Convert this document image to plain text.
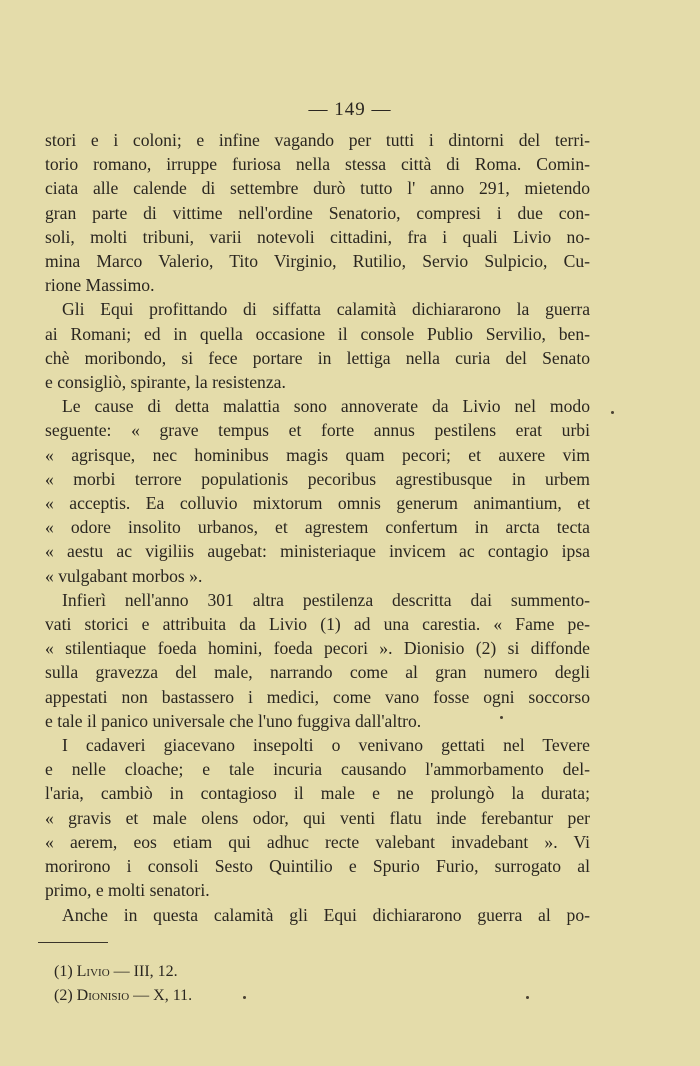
— 149 —
stori e i coloni; e infine vagando per tutti i dintorni del terri-
torio romano, irruppe furiosa nella stessa città di Roma. Comin-
ciata alle calende di settembre durò tutto l' anno 291, mietendo
gran parte di vittime nell'ordine Senatorio, compresi i due con-
soli, molti tribuni, varii notevoli cittadini, fra i quali Livio no-
mina Marco Valerio, Tito Virginio, Rutilio, Servio Sulpicio, Cu-
rione Massimo.
Gli Equi profittando di siffatta calamità dichiararono la guerra
ai Romani; ed in quella occasione il console Publio Servilio, ben-
chè moribondo, si fece portare in lettiga nella curia del Senato
e consigliò, spirante, la resistenza.
Le cause di detta malattia sono annoverate da Livio nel modo
seguente: « grave tempus et forte annus pestilens erat urbi
« agrisque, nec hominibus magis quam pecori; et auxere vim
« morbi terrore populationis pecoribus agrestibusque in urbem
« acceptis. Ea colluvio mixtorum omnis generum animantium, et
« odore insolito urbanos, et agrestem confertum in arcta tecta
« aestu ac vigiliis augebat: ministeriaque invicem ac contagio ipsa
« vulgabant morbos ».
Infierì nell'anno 301 altra pestilenza descritta dai summento-
vati storici e attribuita da Livio (1) ad una carestia. « Fame pe-
« stilentiaque foeda homini, foeda pecori ». Dionisio (2) si diffonde
sulla gravezza del male, narrando come al gran numero degli
appestati non bastassero i medici, come vano fosse ogni soccorso
e tale il panico universale che l'uno fuggiva dall'altro.
I cadaveri giacevano insepolti o venivano gettati nel Tevere
e nelle cloache; e tale incuria causando l'ammorbamento del-
l'aria, cambiò in contagioso il male e ne prolungò la durata;
« gravis et male olens odor, qui venti flatu inde ferebantur per
« aerem, eos etiam qui adhuc recte valebant invadebant ». Vi
morirono i consoli Sesto Quintilio e Spurio Furio, surrogato al
primo, e molti senatori.
Anche in questa calamità gli Equi dichiararono guerra al po-
(1) Livio — III, 12.
(2) Dionisio — X, 11.
